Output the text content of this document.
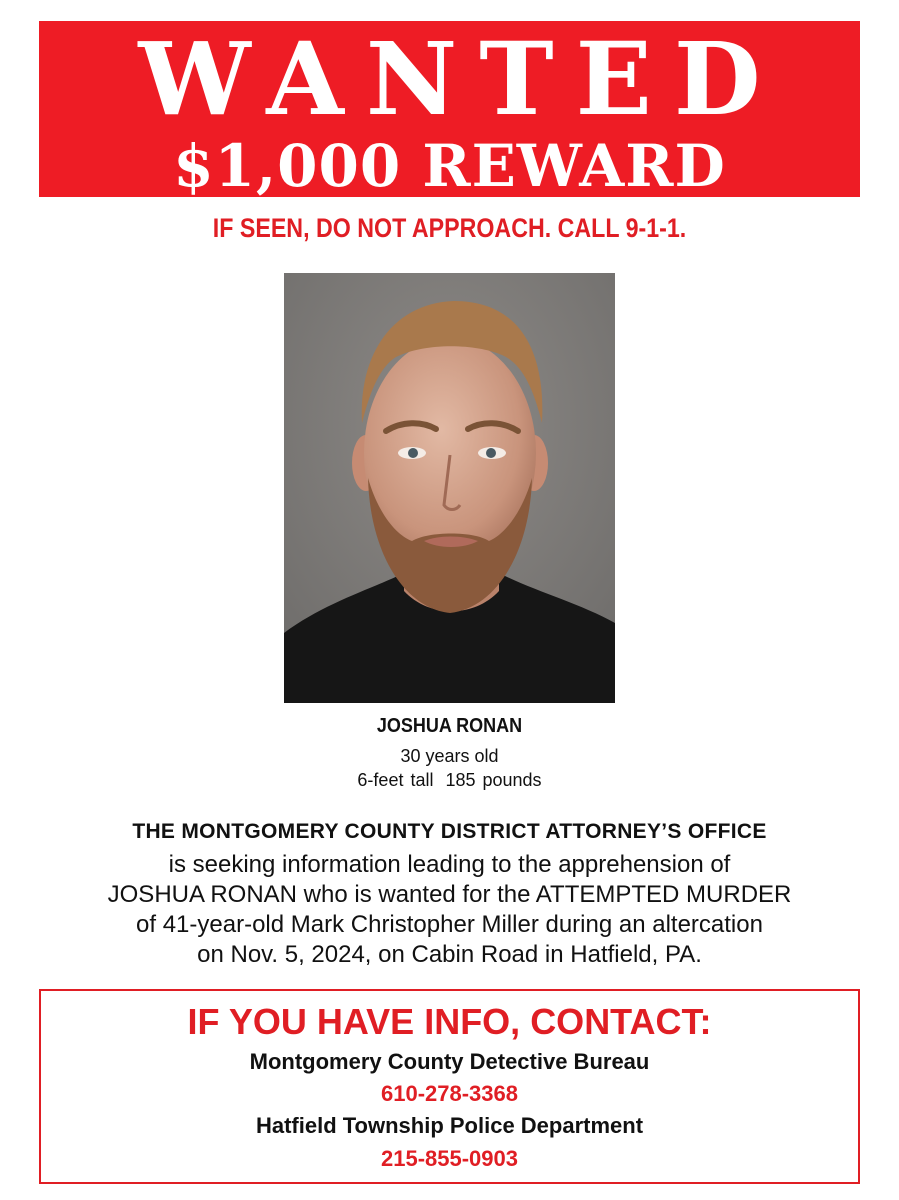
WANTED
$1,000 REWARD
IF SEEN, DO NOT APPROACH. CALL 9-1-1.
JOSHUA RONAN
30 years old
6-feet tall 185 pounds
THE MONTGOMERY COUNTY DISTRICT ATTORNEY’S OFFICE
is seeking information leading to the apprehension of
JOSHUA RONAN who is wanted for the ATTEMPTED MURDER
of 41-year-old Mark Christopher Miller during an altercation
on Nov. 5, 2024, on Cabin Road in Hatfield, PA.
IF YOU HAVE INFO, CONTACT:
Montgomery County Detective Bureau
610-278-3368
Hatfield Township Police Department
215-855-0903
